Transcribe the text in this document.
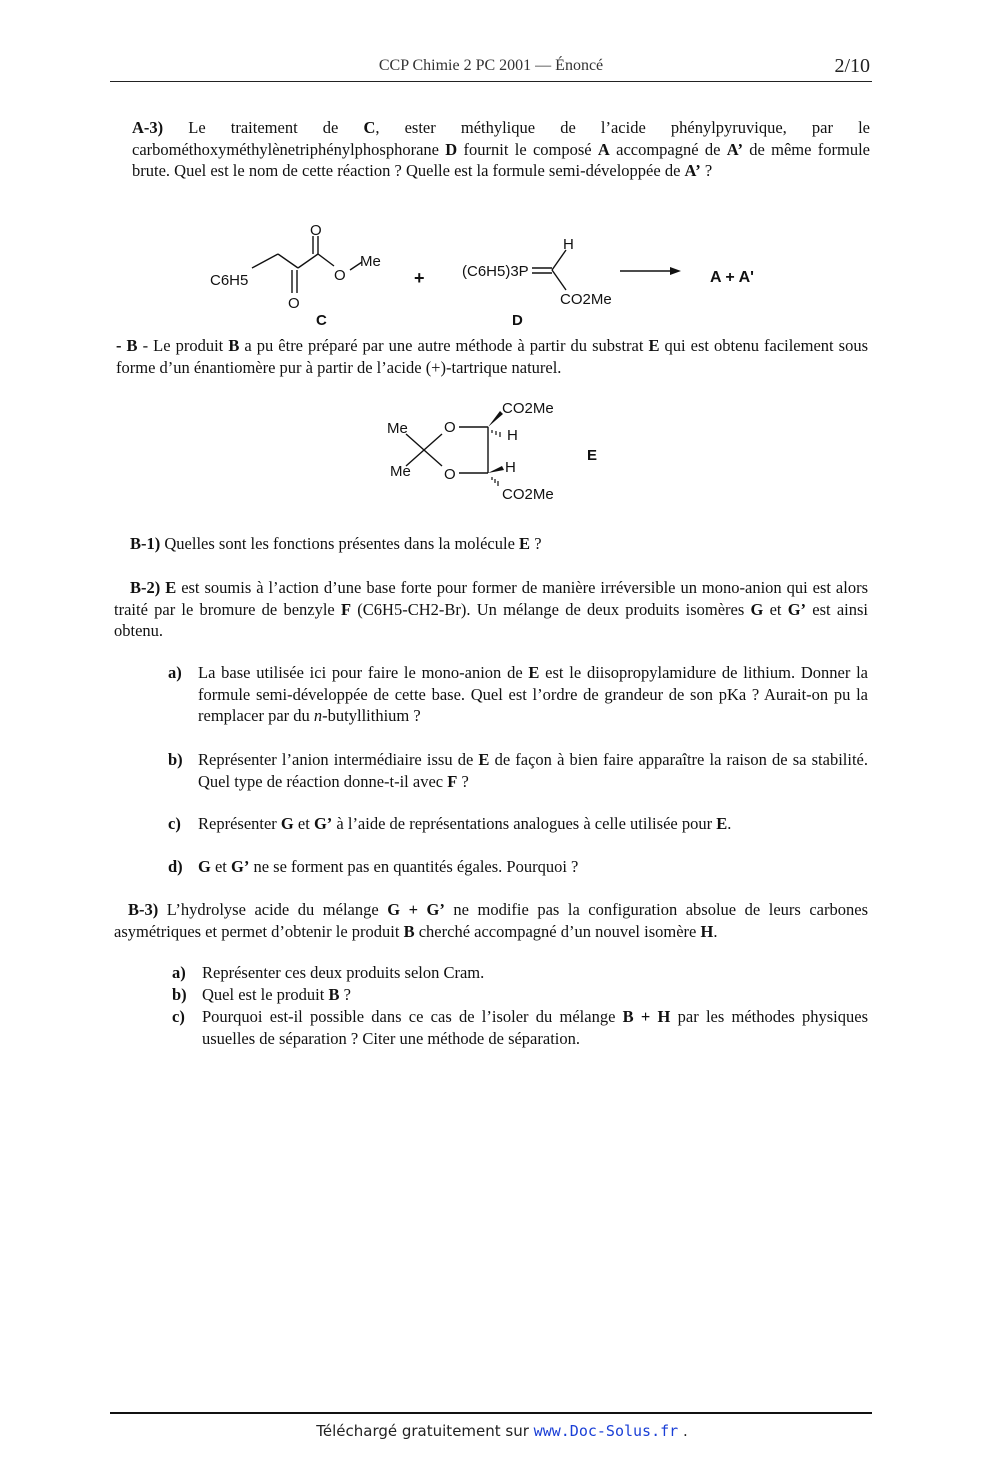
CCP Chimie 2 PC 2001 — Énoncé	2/10
A-3) Le traitement de C, ester méthylique de l’acide phénylpyruvique, par le carbométhoxyméthylènetriphénylphosphorane D fournit le composé A accompagné de A’ de même formule brute. Quel est le nom de cette réaction ? Quelle est la formule semi-développée de A’ ?
C6H5
O
O
O
Me
C
+ (C6H5)3P
H
CO2Me
D
A + A'
- B - Le produit B a pu être préparé par une autre méthode à partir du substrat E qui est obtenu facilement sous forme d’un énantiomère pur à partir de l’acide (+)-tartrique naturel.
CO2Me
H
Me
Me
O
O	H
CO2Me
E
B-1) Quelles sont les fonctions présentes dans la molécule E ?
B-2) E est soumis à l’action d’une base forte pour former de manière irréversible un mono-anion qui est alors traité par le bromure de benzyle F (C6H5-CH2-Br). Un mélange de deux produits isomères G et G’ est ainsi obtenu.
a) La base utilisée ici pour faire le mono-anion de E est le diisopropylamidure de lithium. Donner la formule semi-développée de cette base. Quel est l’ordre de grandeur de son pKa ? Aurait-on pu la remplacer par du n-butyllithium ?
b) Représenter l’anion intermédiaire issu de E de façon à bien faire apparaître la raison de sa stabilité. Quel type de réaction donne-t-il avec F ?
c) Représenter G et G’ à l’aide de représentations analogues à celle utilisée pour E.
d) G et G’ ne se forment pas en quantités égales. Pourquoi ?
B-3) L’hydrolyse acide du mélange G + G’ ne modifie pas la configuration absolue de leurs carbones asymétriques et permet d’obtenir le produit B cherché accompagné d’un nouvel isomère H.
a) Représenter ces deux produits selon Cram.
b) Quel est le produit B ?
c) Pourquoi est-il possible dans ce cas de l’isoler du mélange B + H par les méthodes physiques usuelles de séparation ? Citer une méthode de séparation.
Téléchargé gratuitement sur www.Doc-Solus.fr .
